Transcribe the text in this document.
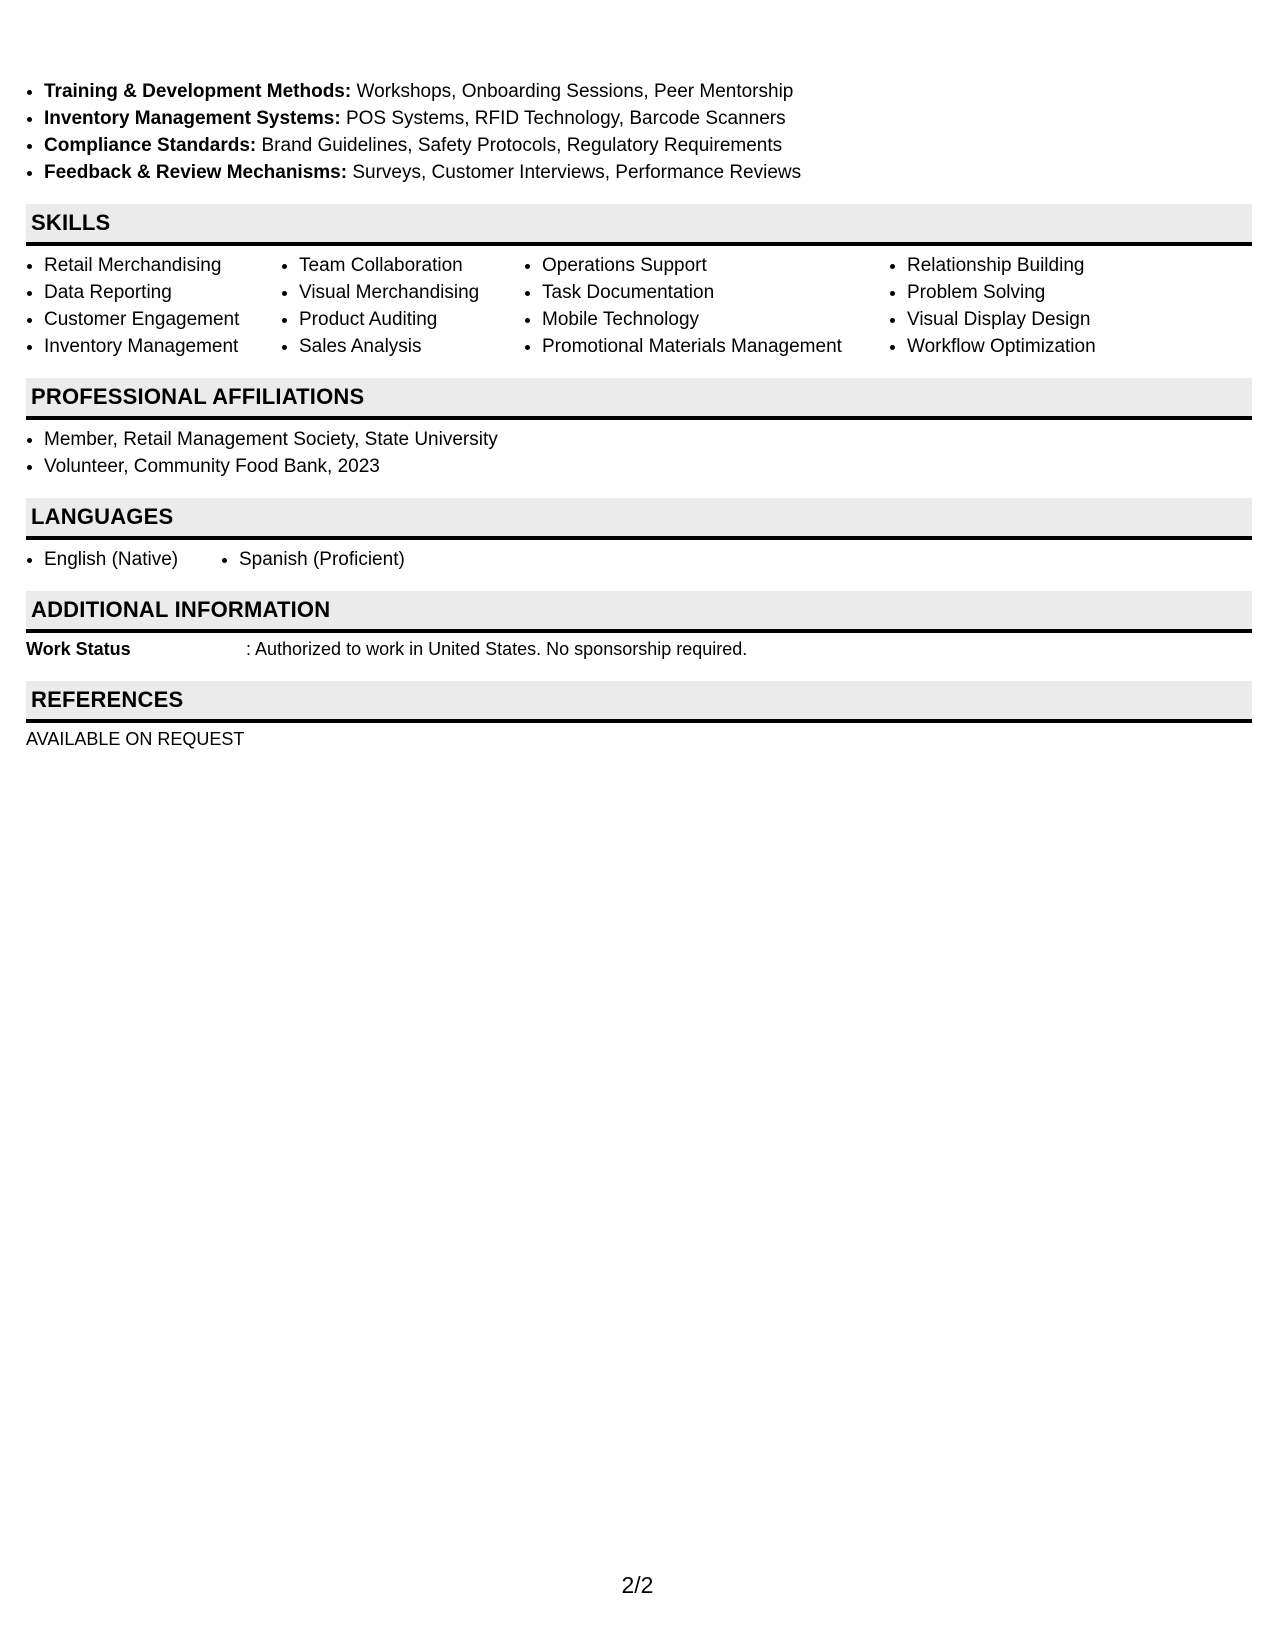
• Training & Development Methods: Workshops, Onboarding Sessions, Peer Mentorship
• Inventory Management Systems: POS Systems, RFID Technology, Barcode Scanners
• Compliance Standards: Brand Guidelines, Safety Protocols, Regulatory Requirements
• Feedback & Review Mechanisms: Surveys, Customer Interviews, Performance Reviews
SKILLS
• Retail Merchandising
• Data Reporting
• Customer Engagement
• Inventory Management
• Team Collaboration
• Visual Merchandising
• Product Auditing
• Sales Analysis
• Operations Support
• Task Documentation
• Mobile Technology
• Promotional Materials Management
• Relationship Building
• Problem Solving
• Visual Display Design
• Workflow Optimization
PROFESSIONAL AFFILIATIONS
• Member, Retail Management Society, State University
• Volunteer, Community Food Bank, 2023
LANGUAGES
• English (Native)
•	Spanish (Proficient)
ADDITIONAL INFORMATION
Work Status	: Authorized to work in United States. No sponsorship required.
REFERENCES
AVAILABLE ON REQUEST
2/2
